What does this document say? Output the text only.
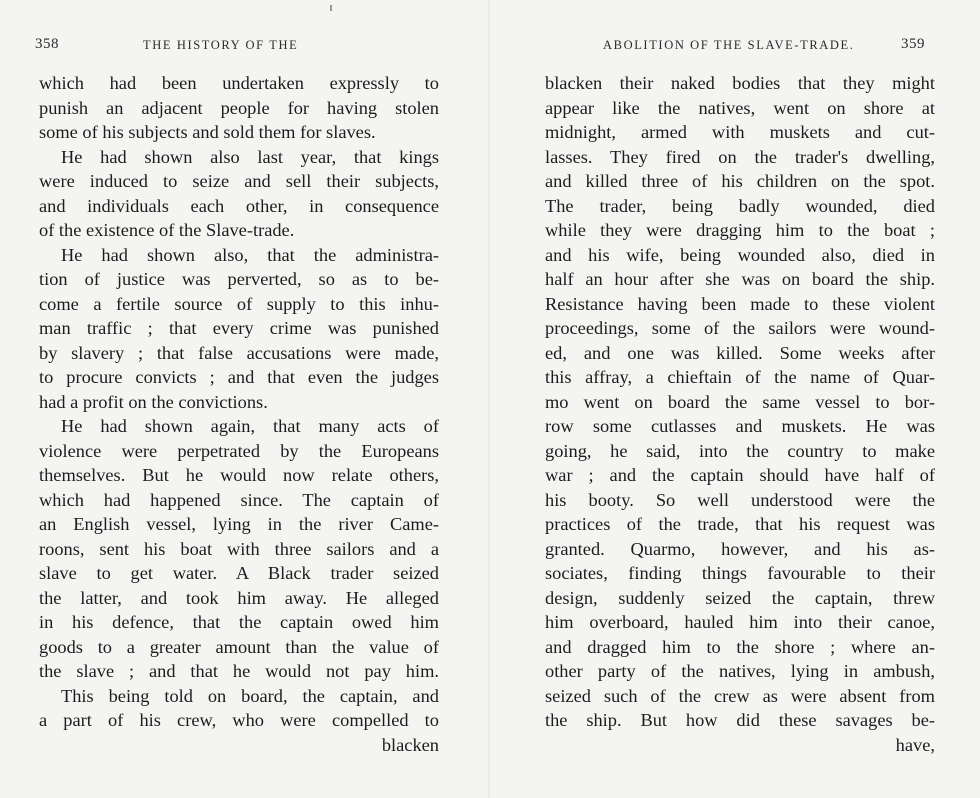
358	THE HISTORY OF THE
which had been undertaken expressly to
punish an adjacent people for having stolen
some of his subjects and sold them for slaves.
He had shown also last year, that kings
were induced to seize and sell their subjects,
and individuals each other, in consequence
of the existence of the Slave-trade.
He had shown also, that the administra-
tion of justice was perverted, so as to be-
come a fertile source of supply to this inhu-
man traffic ; that every crime was punished
by slavery ; that false accusations were made,
to procure convicts ; and that even the judges
had a profit on the convictions.
He had shown again, that many acts of
violence were perpetrated by the Europeans
themselves. But he would now relate others,
which had happened since. The captain of
an English vessel, lying in the river Came-
roons, sent his boat with three sailors and a
slave to get water. A Black trader seized
the latter, and took him away. He alleged
in his defence, that the captain owed him
goods to a greater amount than the value of
the slave ; and that he would not pay him.
This being told on board, the captain, and
a part of his crew, who were compelled to
blacken
ABOLITION OF THE SLAVE-TRADE.	359
blacken their naked bodies that they might
appear like the natives, went on shore at
midnight, armed with muskets and cut-
lasses. They fired on the trader's dwelling,
and killed three of his children on the spot.
The trader, being badly wounded, died
while they were dragging him to the boat ;
and his wife, being wounded also, died in
half an hour after she was on board the ship.
Resistance having been made to these violent
proceedings, some of the sailors were wound-
ed, and one was killed. Some weeks after
this affray, a chieftain of the name of Quar-
mo went on board the same vessel to bor-
row some cutlasses and muskets. He was
going, he said, into the country to make
war ; and the captain should have half of
his booty. So well understood were the
practices of the trade, that his request was
granted. Quarmo, however, and his as-
sociates, finding things favourable to their
design, suddenly seized the captain, threw
him overboard, hauled him into their canoe,
and dragged him to the shore ; where an-
other party of the natives, lying in ambush,
seized such of the crew as were absent from
the ship. But how did these savages be-
have,
